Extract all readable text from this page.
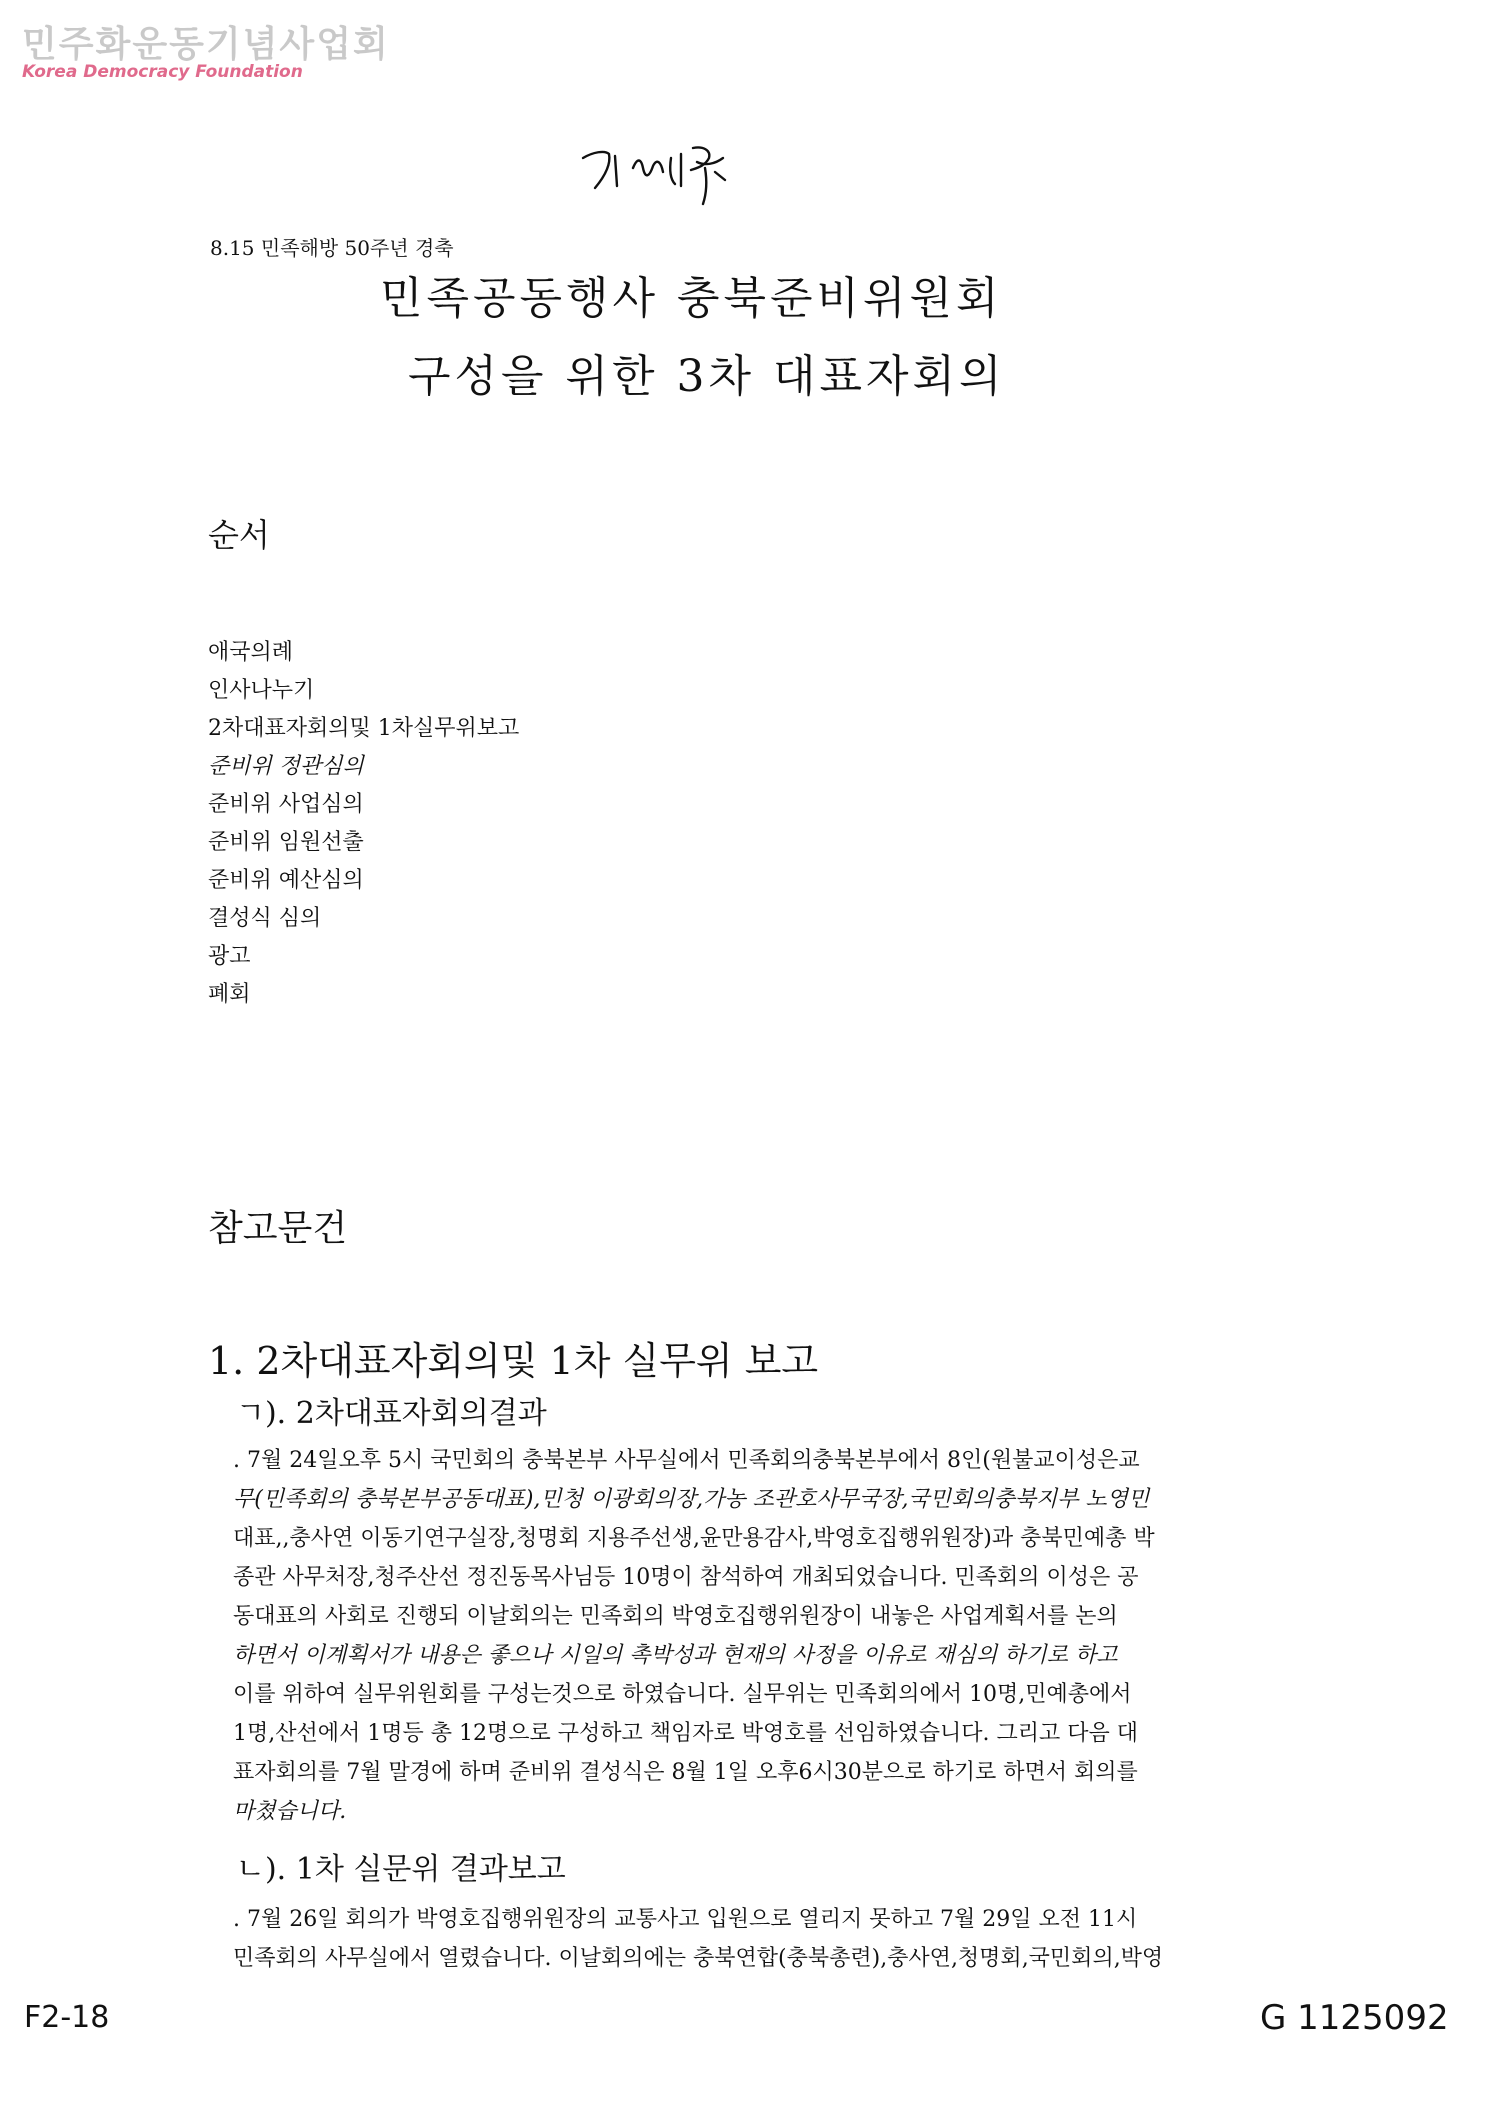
민주화운동기념사업회
Korea Democracy Foundation
8.15 민족해방 50주년 경축
민족공동행사 충북준비위원회
구성을 위한 3차 대표자회의
순서
애국의례
인사나누기
2차대표자회의및 1차실무위보고
준비위 정관심의
준비위 사업심의
준비위 임원선출
준비위 예산심의
결성식 심의
광고
폐회
참고문건
1. 2차대표자회의및 1차 실무위 보고
ㄱ). 2차대표자회의결과
. 7월 24일오후 5시 국민회의 충북본부 사무실에서 민족회의충북본부에서 8인(원불교이성은교
무(민족회의 충북본부공동대표),민청 이광회의장,가농 조관호사무국장,국민회의충북지부 노영민
대표,,충사연 이동기연구실장,청명회 지용주선생,윤만용감사,박영호집행위원장)과 충북민예총 박
종관 사무처장,청주산선 정진동목사님등 10명이 참석하여 개최되었습니다. 민족회의 이성은 공
동대표의 사회로 진행되 이날회의는 민족회의 박영호집행위원장이 내놓은 사업계획서를 논의
하면서 이계획서가 내용은 좋으나 시일의 촉박성과 현재의 사정을 이유로 재심의 하기로 하고
이를 위하여 실무위원회를 구성는것으로 하였습니다. 실무위는 민족회의에서 10명,민예총에서
1명,산선에서 1명등 총 12명으로 구성하고 책임자로 박영호를 선임하였습니다. 그리고 다음 대
표자회의를 7월 말경에 하며 준비위 결성식은 8월 1일 오후6시30분으로 하기로 하면서 회의를
마쳤습니다.
ㄴ). 1차 실문위 결과보고
. 7월 26일 회의가 박영호집행위원장의 교통사고 입원으로 열리지 못하고 7월 29일 오전 11시
민족회의 사무실에서 열렸습니다. 이날회의에는 충북연합(충북총련),충사연,청명회,국민회의,박영
F2-18	G 1125092
